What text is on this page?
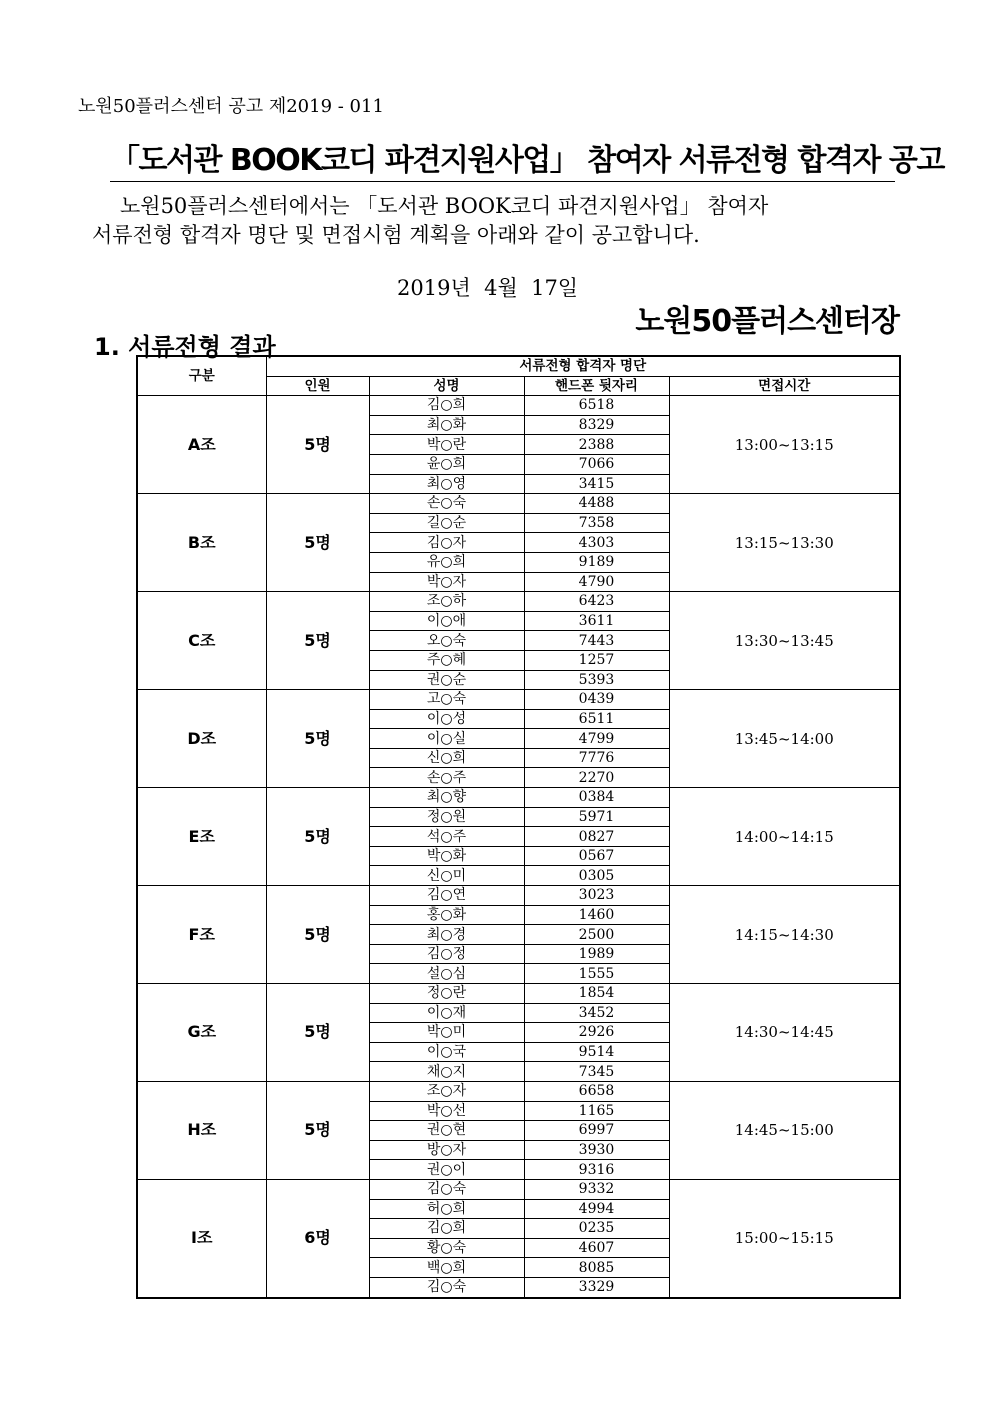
노원50플러스센터 공고 제2019 - 011
「도서관 BOOK코디 파견지원사업」 참여자 서류전형 합격자 공고
노원50플러스센터에서는 「도서관 BOOK코디 파견지원사업」 참여자
서류전형 합격자 명단 및 면접시험 계획을 아래와 같이 공고합니다.
2019년  4월  17일
노원50플러스센터장
1. 서류전형 결과
구분	서류전형 합격자 명단			
	인원	성명	핸드폰 뒷자리	면접시간
A조	5명	김○희	6518	13:00~13:15
		최○화	8329	
		박○란	2388	
		윤○희	7066	
		최○영	3415	
B조	5명	손○숙	4488	13:15~13:30
		길○순	7358	
		김○자	4303	
		유○희	9189	
		박○자	4790	
C조	5명	조○하	6423	13:30~13:45
		이○애	3611	
		오○숙	7443	
		주○혜	1257	
		권○순	5393	
D조	5명	고○숙	0439	13:45~14:00
		이○성	6511	
		이○실	4799	
		신○희	7776	
		손○주	2270	
E조	5명	최○향	0384	14:00~14:15
		정○원	5971	
		석○주	0827	
		박○화	0567	
		신○미	0305	
F조	5명	김○연	3023	14:15~14:30
		홍○화	1460	
		최○경	2500	
		김○정	1989	
		설○심	1555	
G조	5명	정○란	1854	14:30~14:45
		이○재	3452	
		박○미	2926	
		이○국	9514	
		채○지	7345	
H조	5명	조○자	6658	14:45~15:00
		박○선	1165	
		권○현	6997	
		방○자	3930	
		권○이	9316	
I조	6명	김○숙	9332	15:00~15:15
		허○희	4994	
		김○희	0235	
		황○숙	4607	
		백○희	8085	
		김○숙	3329	
